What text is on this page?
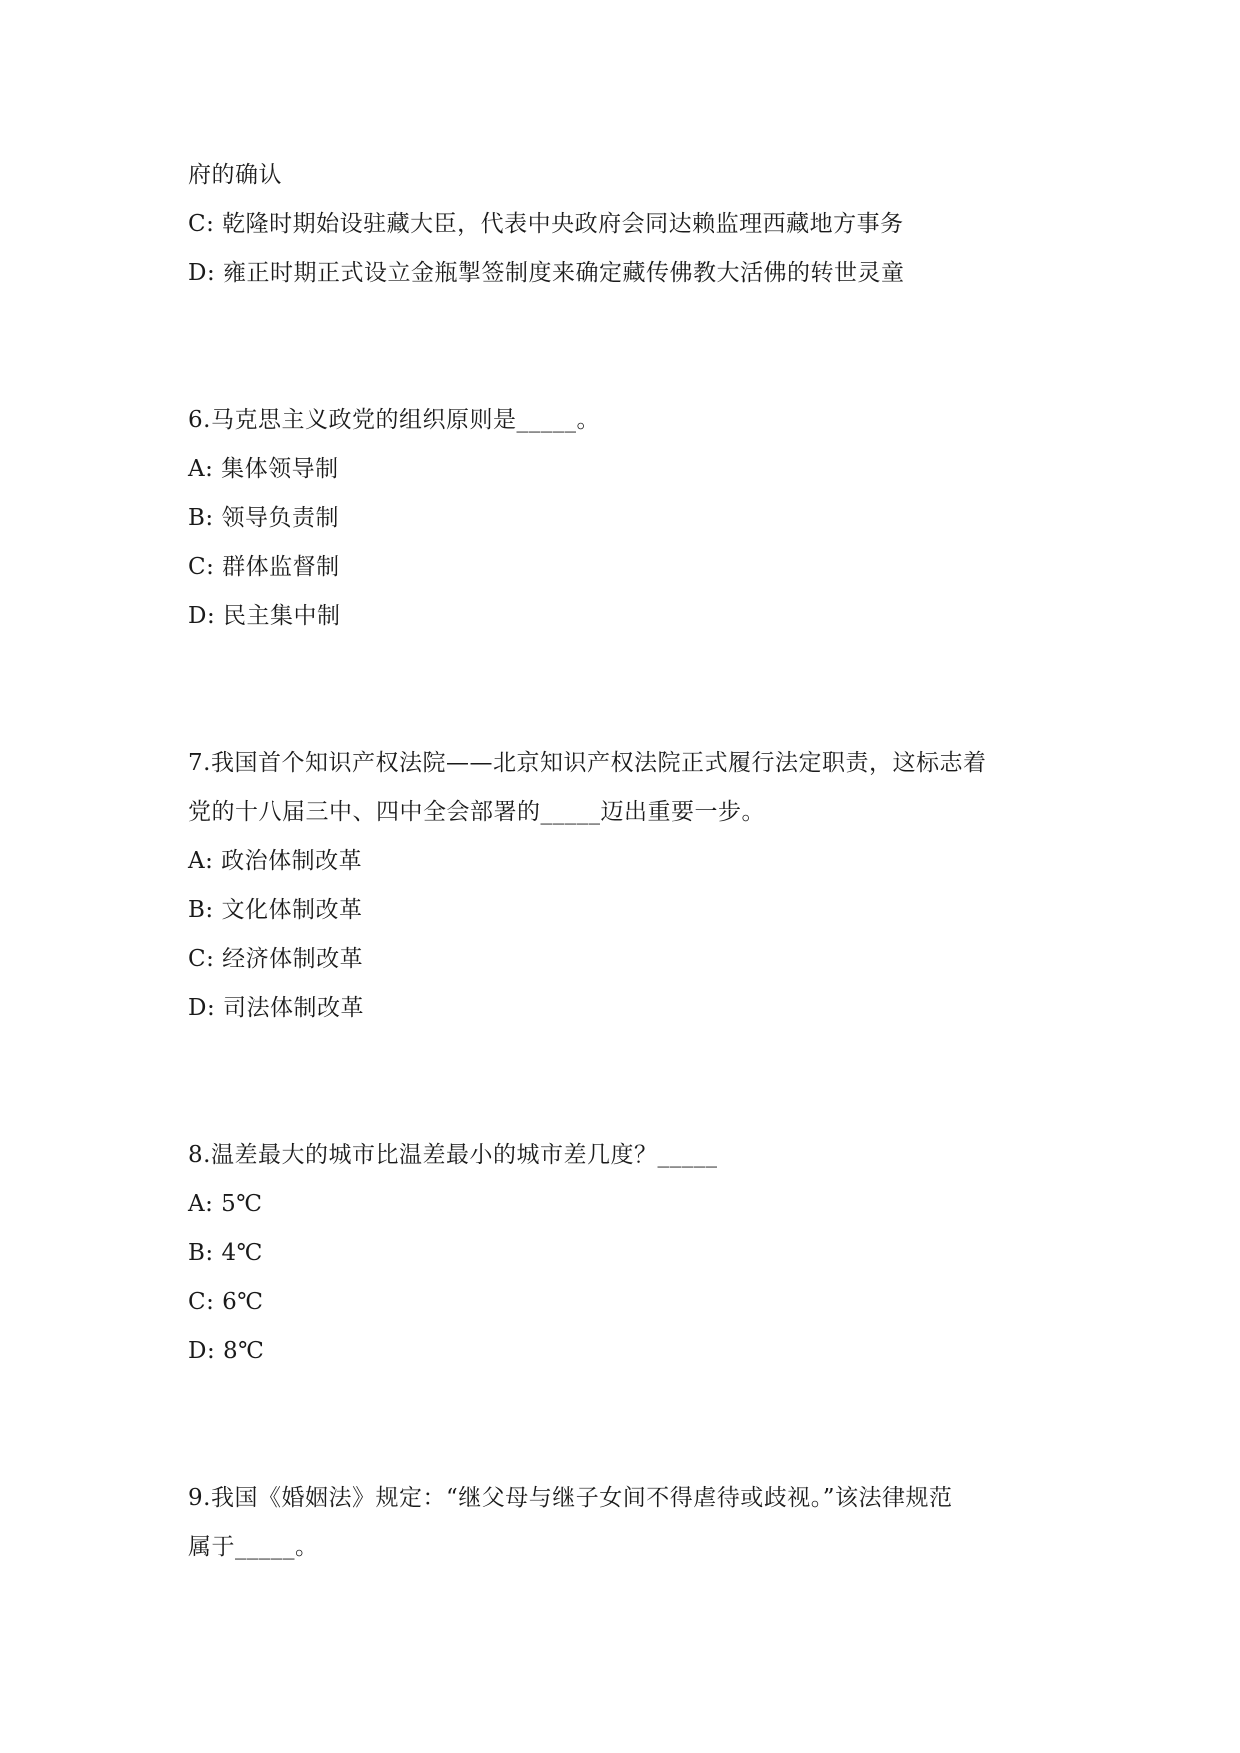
府的确认
C: 乾隆时期始设驻藏大臣，代表中央政府会同达赖监理西藏地方事务
D: 雍正时期正式设立金瓶掣签制度来确定藏传佛教大活佛的转世灵童
6.马克思主义政党的组织原则是_____。
A: 集体领导制
B: 领导负责制
C: 群体监督制
D: 民主集中制
7.我国首个知识产权法院——北京知识产权法院正式履行法定职责，这标志着
党的十八届三中、四中全会部署的_____迈出重要一步。
A: 政治体制改革
B: 文化体制改革
C: 经济体制改革
D: 司法体制改革
8.温差最大的城市比温差最小的城市差几度？_____
A: 5℃
B: 4℃
C: 6℃
D: 8℃
9.我国《婚姻法》规定：“继父母与继子女间不得虐待或歧视。”该法律规范
属于_____。
